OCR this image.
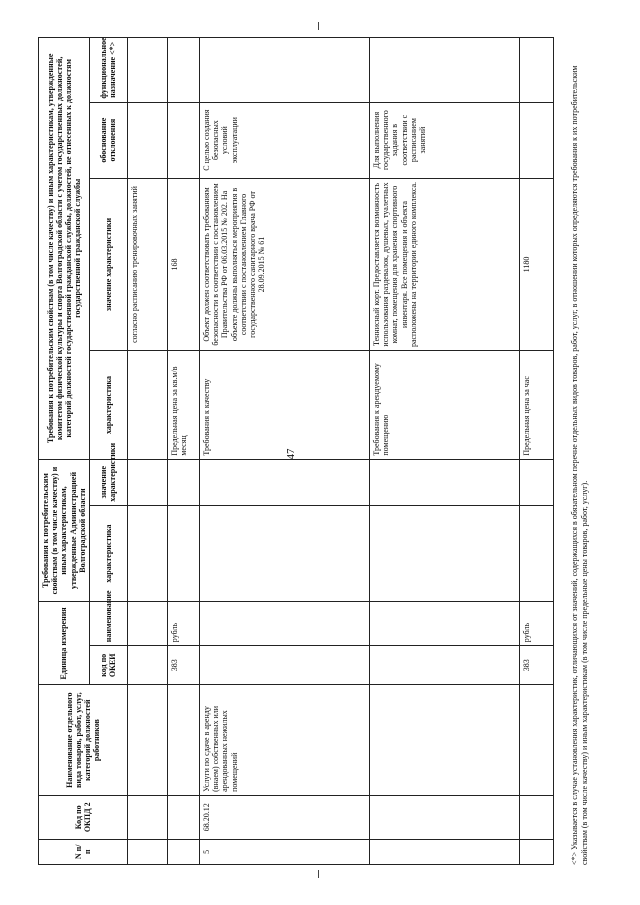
47
N п/п	Код по ОКПД 2	Наименование отдельного вида товаров, работ, услуг, категорий должностей работников	Единица измерения		Требования к потребительским свойствам (в том числе качеству) и иным характеристикам, утвержденные Администрацией Волгоградской области		Требования к потребительским свойствам (в том числе качеству) и иным характеристикам, утвержденные комитетом физической культуры и спорта Волгоградской области с учетом государственных должностей, категорий должностей государственной гражданской службы, должностей, не отнесенных к должностям государственной гражданской службы			
			код по ОКЕИ	наименование	характеристика	значение характеристики	характеристика	значение характеристики	обоснование отклонения	функциональное назначение <*>
								согласно расписанию тренировочных занятий		
			383	рубль			Предельная цена за кв.м/в месяц	168		
5	68.20.12	Услуги по сдаче в аренду (внаем) собственных или арендованных нежилых помещений					Требования к качеству	Объект должен соответствовать требованиям безопасности в соответствии с постановлением Правительства РФ от 06.03.2015 № 202. На объекте должны выполняться мероприятия в соответствии с постановлением Главного государственного санитарного врача РФ от 28.09.2015 № 61	С целью создания безопасных условий эксплуатации	
							Требования к арендуемому помещению	Теннисный корт. Предоставляется возможность использования раздевалок, душевых, туалетных комнат, помещения для хранения спортивного инвентаря. Все помещения и объекта расположены на территории единого комплекса.	Для выполнения государственного задания в соответствии с расписанием занятий	
			383	рубль			Предельная цена за час	1180			<*> Указывается в случае установления характеристик, отличающихся от значений, содержащихся в обязательном перечне отдельных видов товаров, работ, услуг, в отношении которых определяются требования к их потребительским свойствам (в том числе качеству) и иным характеристикам (в том числе предельные цены товаров, работ, услуг).
